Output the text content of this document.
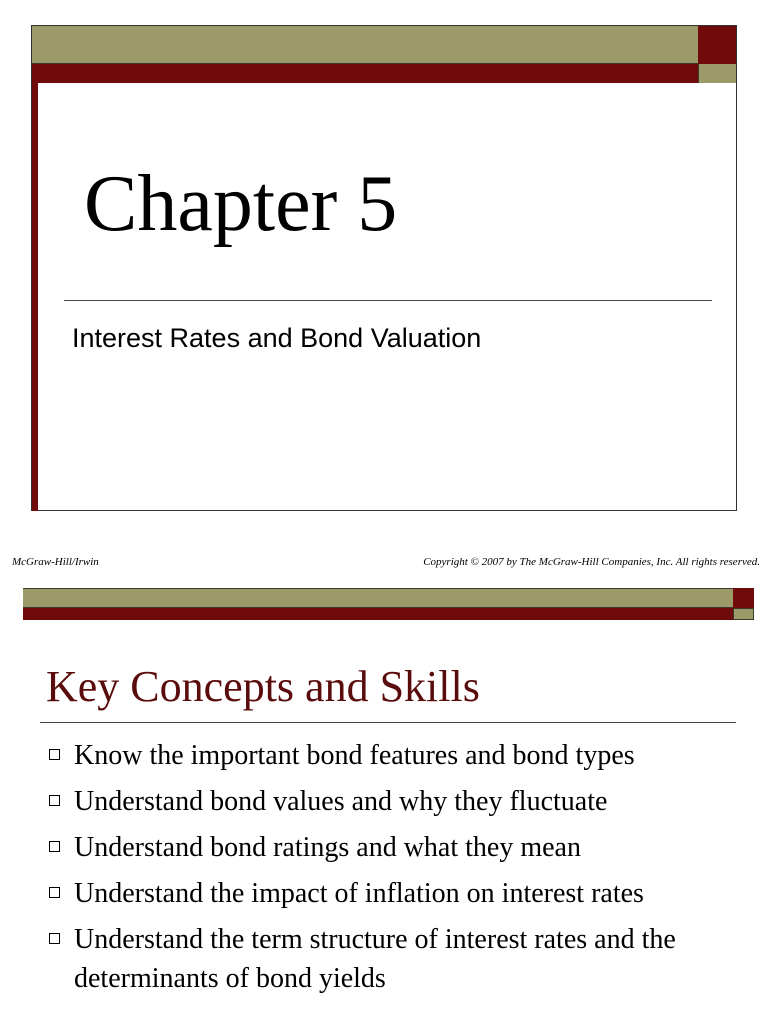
Chapter 5
Interest Rates and Bond Valuation
McGraw-Hill/Irwin	Copyright © 2007 by The McGraw-Hill Companies, Inc. All rights reserved.
Key Concepts and Skills
Know the important bond features and bond types
Understand bond values and why they fluctuate
Understand bond ratings and what they mean
Understand the impact of inflation on interest rates
Understand the term structure of interest rates and the determinants of bond yields
